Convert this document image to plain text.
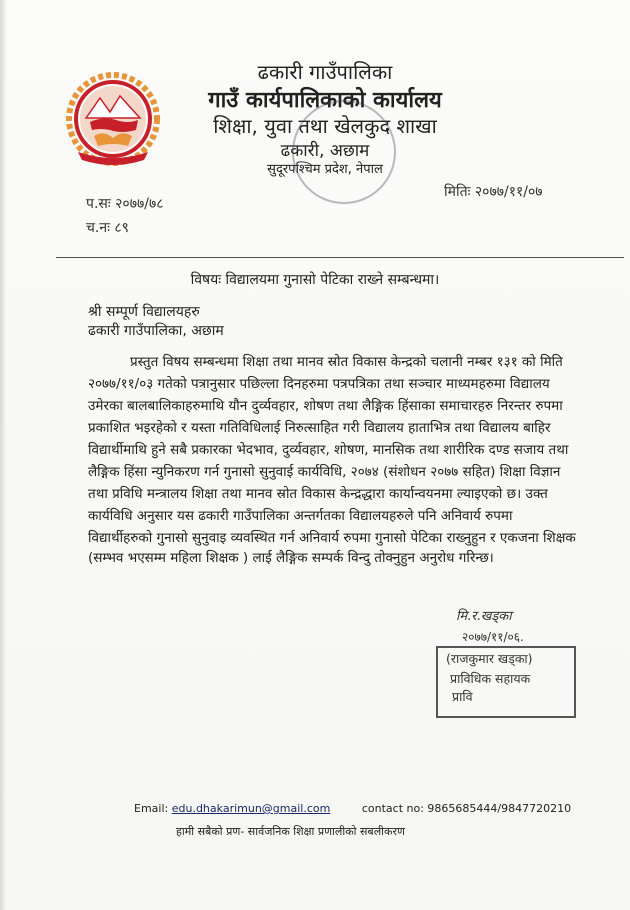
ढकारी गाउँपालिका
गाउँ कार्यपालिकाको कार्यालय
शिक्षा, युवा तथा खेलकुद शाखा
ढकारी, अछाम
सुदूरपश्चिम प्रदेश, नेपाल
प.सः २०७७/७८
च.नः ८९
मितिः २०७७/११/०७
विषयः विद्यालयमा गुनासो पेटिका राख्ने सम्बन्धमा।
श्री सम्पूर्ण विद्यालयहरु
ढकारी गाउँपालिका, अछाम
प्रस्तुत विषय सम्बन्धमा शिक्षा तथा मानव स्रोत विकास केन्द्रको चलानी नम्बर १३१ को मिति
२०७७/११/०३ गतेको पत्रानुसार पछिल्ला दिनहरुमा पत्रपत्रिका तथा सञ्चार माध्यमहरुमा विद्यालय
उमेरका बालबालिकाहरुमाथि यौन दुर्व्यवहार, शोषण तथा लैङ्गिक हिंसाका समाचारहरु निरन्तर रुपमा
प्रकाशित भइरहेको र यस्ता गतिविधिलाई निरुत्साहित गरी विद्यालय हाताभित्र तथा विद्यालय बाहिर
विद्यार्थीमाथि हुने सबै प्रकारका भेदभाव, दुर्व्यवहार, शोषण, मानसिक तथा शारीरिक दण्ड सजाय तथा
लैङ्गिक हिंसा न्युनिकरण गर्न गुनासो सुनुवाई कार्यविधि, २०७४ (संशोधन २०७७ सहित) शिक्षा विज्ञान
तथा प्रविधि मन्त्रालय शिक्षा तथा मानव स्रोत विकास केन्द्रद्धारा कार्यान्वयनमा ल्याइएको छ। उक्त
कार्यविधि अनुसार यस ढकारी गाउँपालिका अन्तर्गतका विद्यालयहरुले पनि अनिवार्य रुपमा
विद्यार्थीहरुको गुनासो सुनुवाइ व्यवस्थित गर्न अनिवार्य रुपमा गुनासो पेटिका राख्नुहुन र एकजना शिक्षक
(सम्भव भएसम्म महिला शिक्षक ) लाई लैङ्गिक सम्पर्क विन्दु तोक्नुहुन अनुरोध गरिन्छ।
मि.र.खड्का
२०७७/११/०६.
(राजकुमार खड्का)
प्राविधिक सहायक
प्रावि
Email: edu.dhakarimun@gmail.com	contact no: 9865685444/9847720210
हामी सबैको प्रण- सार्वजनिक शिक्षा प्रणालीको सबलीकरण
